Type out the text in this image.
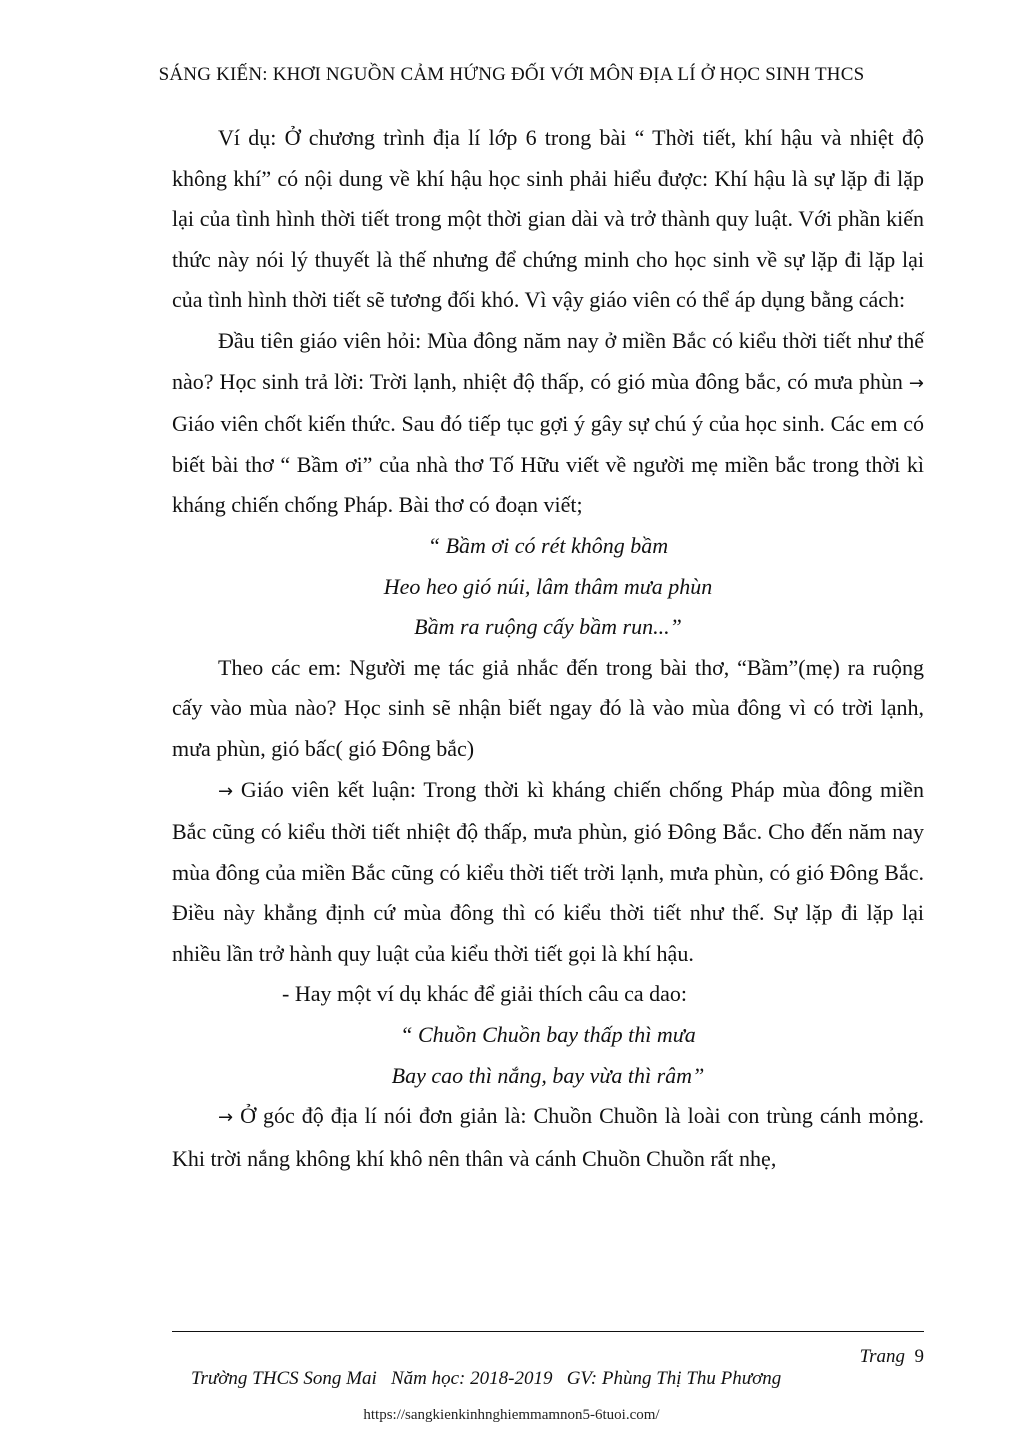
SÁNG KIẾN: KHƠI NGUỒN CẢM HỨNG ĐỐI VỚI MÔN ĐỊA LÍ Ở HỌC SINH THCS

Ví dụ: Ở chương trình địa lí lớp 6 trong bài “ Thời tiết, khí hậu và nhiệt độ không khí” có nội dung về khí hậu học sinh phải hiểu được: Khí hậu là sự lặp đi lặp lại của tình hình thời tiết trong một thời gian dài và trở thành quy luật. Với phần kiến thức này nói lý thuyết là thế nhưng để chứng minh cho học sinh về sự lặp đi lặp lại của tình hình thời tiết sẽ tương đối khó. Vì vậy giáo viên có thể áp dụng bằng cách:

Đầu tiên giáo viên hỏi: Mùa đông năm nay ở miền Bắc có kiểu thời tiết như thế nào? Học sinh trả lời: Trời lạnh, nhiệt độ thấp, có gió mùa đông bắc, có mưa phùn → Giáo viên chốt kiến thức. Sau đó tiếp tục gợi ý gây sự chú ý của học sinh. Các em có biết bài thơ “ Bầm ơi” của nhà thơ Tố Hữu viết về người mẹ miền bắc trong thời kì kháng chiến chống Pháp. Bài thơ có đoạn viết;

“ Bầm ơi có rét không bầm

Heo heo gió núi, lâm thâm mưa phùn

Bầm ra ruộng cấy bầm run...”

Theo các em: Người mẹ tác giả nhắc đến trong bài thơ, “Bầm”(mẹ) ra ruộng cấy vào mùa nào? Học sinh sẽ nhận biết ngay đó là vào mùa đông vì có trời lạnh, mưa phùn, gió bấc( gió Đông bắc)

→ Giáo viên kết luận: Trong thời kì kháng chiến chống Pháp mùa đông miền Bắc cũng có kiểu thời tiết nhiệt độ thấp, mưa phùn, gió Đông Bắc. Cho đến năm nay mùa đông của miền Bắc cũng có kiểu thời tiết trời lạnh, mưa phùn, có gió Đông Bắc. Điều này khẳng định cứ mùa đông thì có kiểu thời tiết như thế. Sự lặp đi lặp lại nhiều lần trở hành quy luật của kiểu thời tiết gọi là khí hậu.

- Hay một ví dụ khác để giải thích câu ca dao:

“ Chuồn Chuồn bay thấp thì mưa

Bay cao thì nắng, bay vừa thì râm”

→ Ở góc độ địa lí nói đơn giản là: Chuồn Chuồn là loài con trùng cánh mỏng. Khi trời nắng không khí khô nên thân và cánh Chuồn Chuồn rất nhẹ,

Trường THCS Song Mai   Năm học: 2018-2019   GV: Phùng Thị Thu Phương

Trang 9

https://sangkienkinhnghiemmamnon5-6tuoi.com/
